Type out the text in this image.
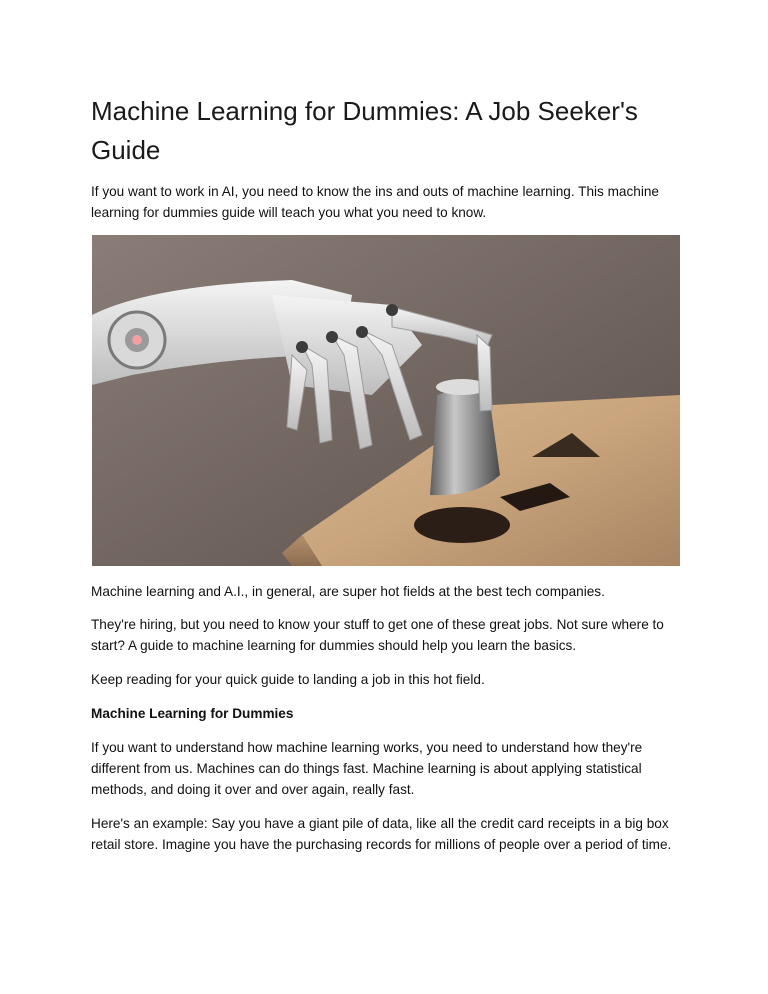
Machine Learning for Dummies: A Job Seeker's Guide

If you want to work in AI, you need to know the ins and outs of machine learning. This machine learning for dummies guide will teach you what you need to know.

Machine learning and A.I., in general, are super hot fields at the best tech companies.

They're hiring, but you need to know your stuff to get one of these great jobs. Not sure where to start? A guide to machine learning for dummies should help you learn the basics.

Keep reading for your quick guide to landing a job in this hot field.

Machine Learning for Dummies

If you want to understand how machine learning works, you need to understand how they're different from us. Machines can do things fast. Machine learning is about applying statistical methods, and doing it over and over again, really fast.

Here's an example: Say you have a giant pile of data, like all the credit card receipts in a big box retail store. Imagine you have the purchasing records for millions of people over a period of time.
